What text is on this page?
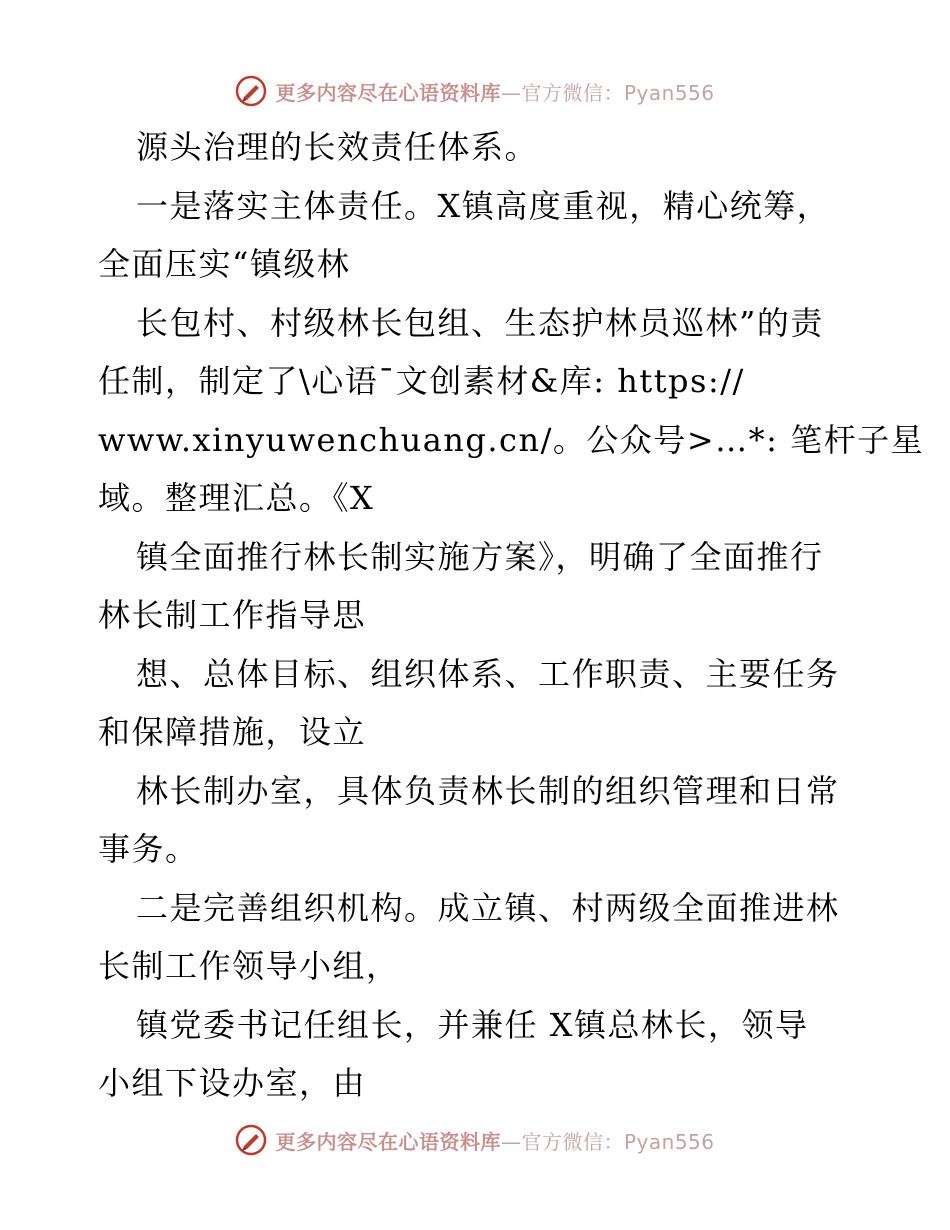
更多内容尽在心语资料库—官方微信：Pyan556
源头治理的长效责任体系。
一是落实主体责任。X镇高度重视，精心统筹，
全面压实“镇级林
长包村、村级林长包组、生态护林员巡林”的责
任制，制定了\心语¯文创素材&库: https://
www.xinyuwenchuang.cn/。公众号>…*: 笔杆子星
域。整理汇总。《X
镇全面推行林长制实施方案》，明确了全面推行
林长制工作指导思
想、总体目标、组织体系、工作职责、主要任务
和保障措施，设立
林长制办室，具体负责林长制的组织管理和日常
事务。
二是完善组织机构。成立镇、村两级全面推进林
长制工作领导小组，
镇党委书记任组长，并兼任 X镇总林长，领导
小组下设办室，由
更多内容尽在心语资料库—官方微信：Pyan556
